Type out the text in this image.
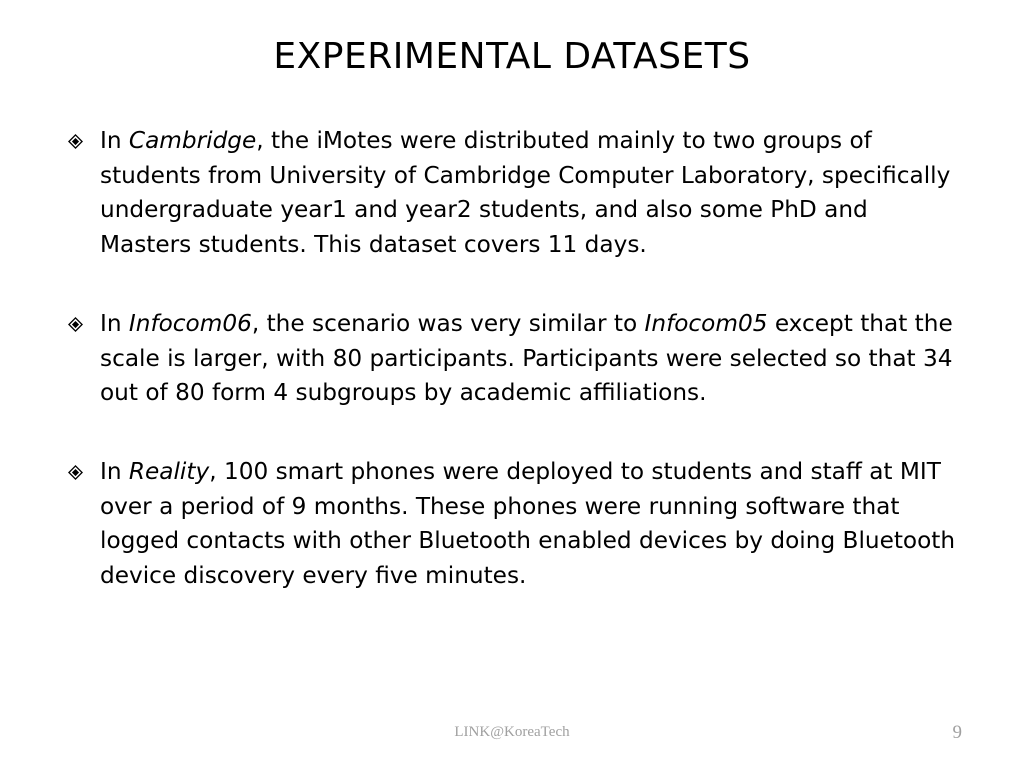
EXPERIMENTAL DATASETS
In Cambridge, the iMotes were distributed mainly to two groups of students from University of Cambridge Computer Laboratory, specifically undergraduate year1 and year2 students, and also some PhD and Masters students. This dataset covers 11 days.
In Infocom06, the scenario was very similar to Infocom05 except that the scale is larger, with 80 participants. Participants were selected so that 34 out of 80 form 4 subgroups by academic affiliations.
In Reality, 100 smart phones were deployed to students and staff at MIT over a period of 9 months. These phones were running software that logged contacts with other Bluetooth enabled devices by doing Bluetooth device discovery every five minutes.
LINK@KoreaTech	9
